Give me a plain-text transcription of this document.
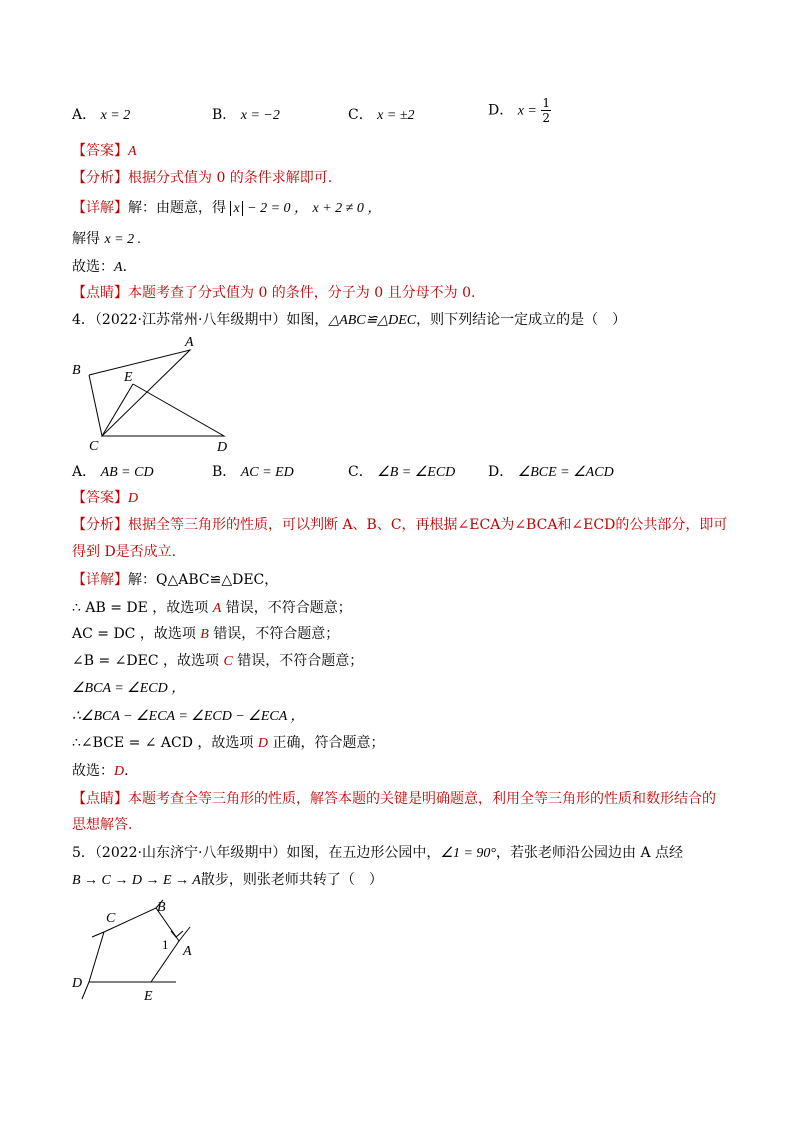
A． x = 2	B． x = −2	C． x = ±2	D． $x = \frac{1}{2}$
【答案】A
【分析】根据分式值为 0 的条件求解即可.
【详解】解：由题意，得 x − 2 = 0 ， x + 2 ≠ 0 ，
解得 x = 2 .
故选：A.
【点睛】本题考查了分式值为 0 的条件，分子为 0 且分母不为 0.
4．（2022·江苏常州·八年级期中）如图，△ABC≌△DEC，则下列结论一定成立的是（　）
A
B	E
C	D
A． AB = CD	B． AC = ED	C． ∠B = ∠ECD D． ∠BCE = ∠ACD
【答案】D
【分析】根据全等三角形的性质，可以判断 A、B、C，再根据∠ECA为∠BCA和∠ECD的公共部分，即可
得到 D是否成立.
【详解】解：Q△ABC≌△DEC，
∴ AB = DE ，故选项 A 错误，不符合题意；
AC = DC ，故选项 B 错误，不符合题意；
∠B = ∠DEC ，故选项 C 错误，不符合题意；
∠BCA = ∠ECD ，
∴∠BCA − ∠ECA = ∠ECD − ∠ECA ，
∴∠BCE = ∠ ACD ，故选项 D 正确，符合题意；
故选：D.
【点睛】本题考查全等三角形的性质，解答本题的关键是明确题意，利用全等三角形的性质和数形结合的
思想解答.
5．（2022·山东济宁·八年级期中）如图，在五边形公园中，∠1 = 90°，若张老师沿公园边由 A 点经
B → C → D → E → A散步，则张老师共转了（　）
C
B
1 A
D
E
